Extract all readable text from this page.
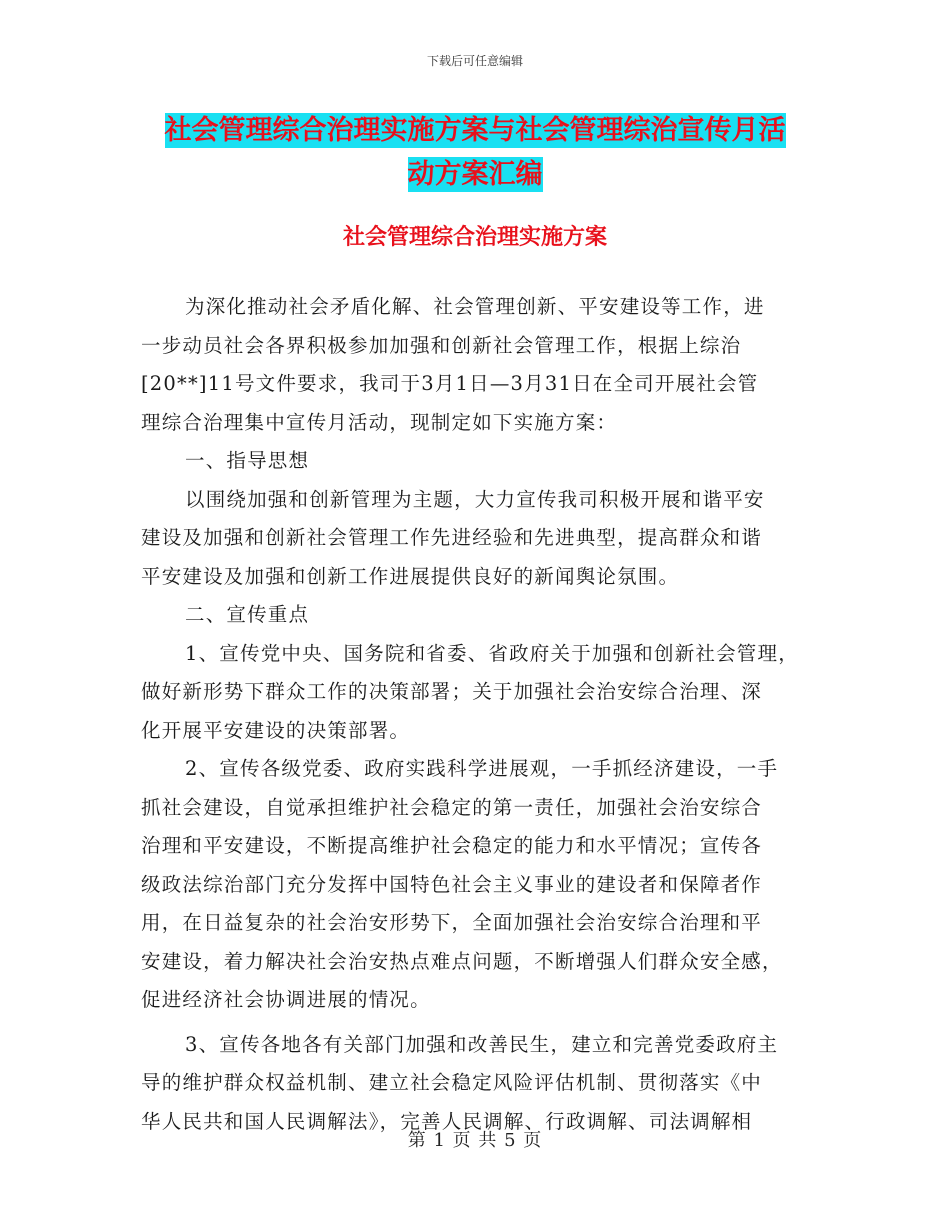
下载后可任意编辑
社会管理综合治理实施方案与社会管理综治宣传月活
动方案汇编
社会管理综合治理实施方案
为深化推动社会矛盾化解、社会管理创新、平安建设等工作，进
一步动员社会各界积极参加加强和创新社会管理工作，根据上综治
[20**]11号文件要求，我司于3月1日—3月31日在全司开展社会管
理综合治理集中宣传月活动，现制定如下实施方案：
一、指导思想
以围绕加强和创新管理为主题，大力宣传我司积极开展和谐平安
建设及加强和创新社会管理工作先进经验和先进典型，提高群众和谐
平安建设及加强和创新工作进展提供良好的新闻舆论氛围。
二、宣传重点
1、宣传党中央、国务院和省委、省政府关于加强和创新社会管理，
做好新形势下群众工作的决策部署；关于加强社会治安综合治理、深
化开展平安建设的决策部署。
2、宣传各级党委、政府实践科学进展观，一手抓经济建设，一手
抓社会建设，自觉承担维护社会稳定的第一责任，加强社会治安综合
治理和平安建设，不断提高维护社会稳定的能力和水平情况；宣传各
级政法综治部门充分发挥中国特色社会主义事业的建设者和保障者作
用，在日益复杂的社会治安形势下，全面加强社会治安综合治理和平
安建设，着力解决社会治安热点难点问题，不断增强人们群众安全感，
促进经济社会协调进展的情况。
3、宣传各地各有关部门加强和改善民生，建立和完善党委政府主
导的维护群众权益机制、建立社会稳定风险评估机制、贯彻落实《中
华人民共和国人民调解法》，完善人民调解、行政调解、司法调解相
第 1 页 共 5 页
